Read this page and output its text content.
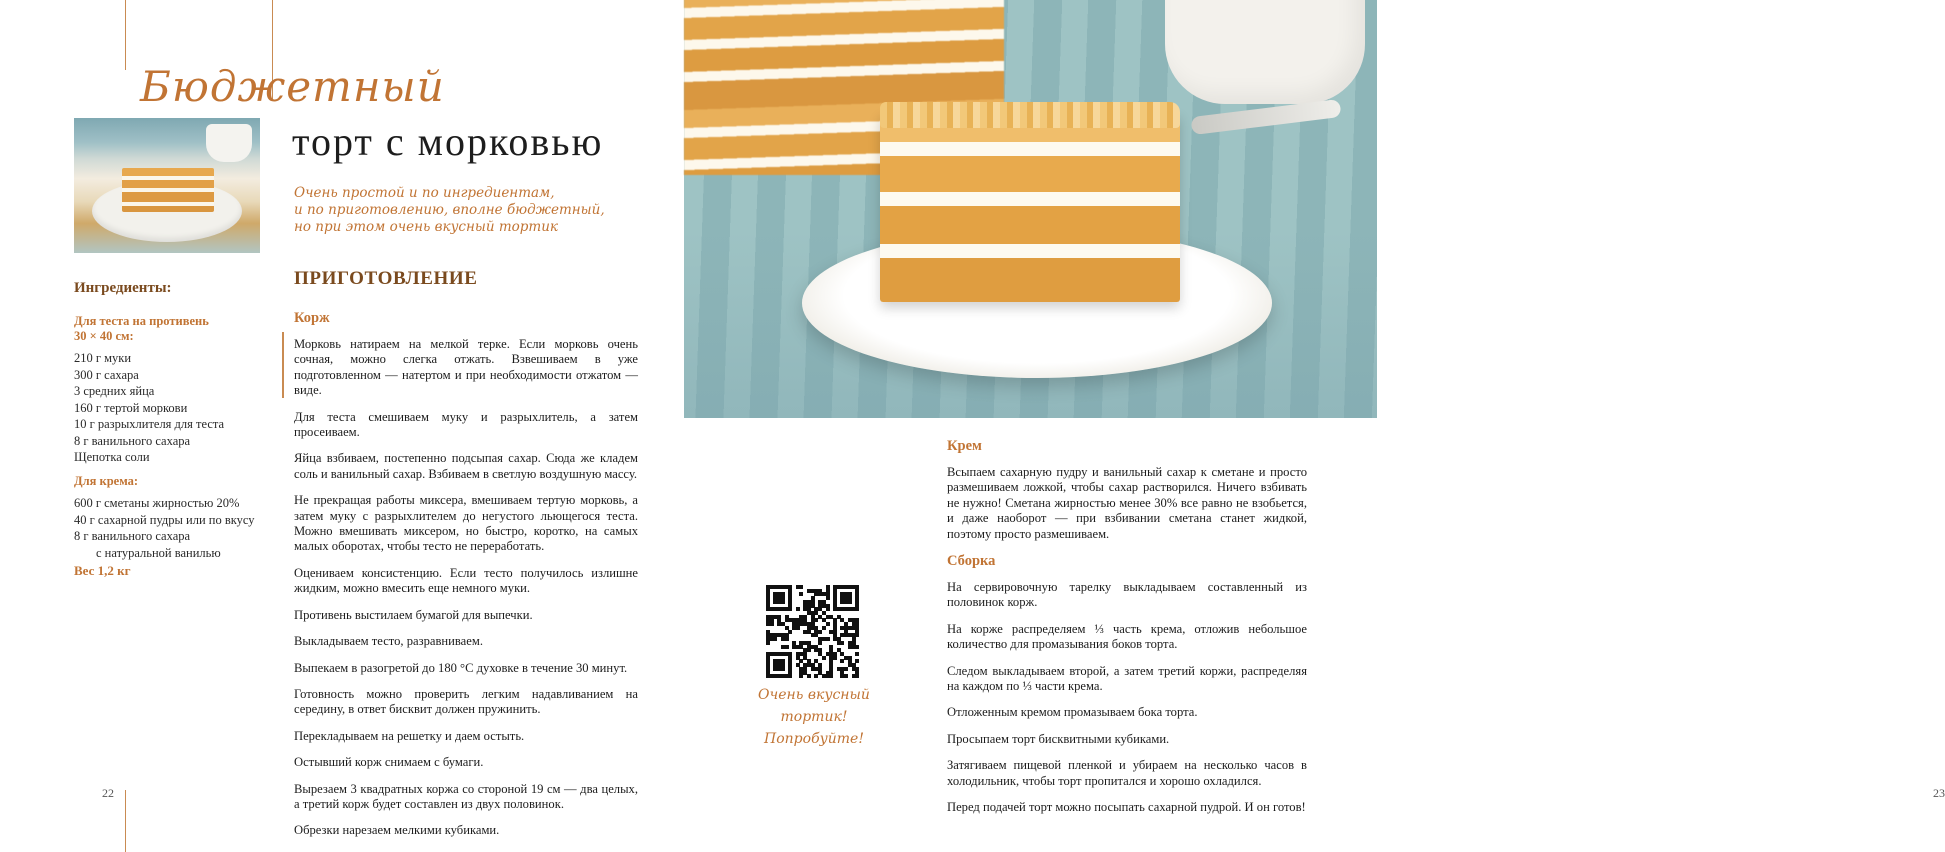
Бюджетный
торт с морковью
Очень простой и по ингредиентам,
и по приготовлению, вполне бюджетный,
но при этом очень вкусный тортик
Ингредиенты:
Для теста на противень
30 × 40 см:
210 г муки
300 г сахара
3 средних яйца
160 г тертой моркови
10 г разрыхлителя для теста
8 г ванильного сахара
Щепотка соли
Для крема:
600 г сметаны жирностью 20%
40 г сахарной пудры или по вкусу
8 г ванильного сахара
с натуральной ванилью
Вес 1,2 кг
ПРИГОТОВЛЕНИЕ
Корж

Морковь натираем на мелкой терке. Если морковь очень сочная, можно слегка отжать. Взвешиваем в уже подготовленном — натертом и при необходимости отжатом — виде.

Для теста смешиваем муку и разрыхлитель, а затем просеиваем.

Яйца взбиваем, постепенно подсыпая сахар. Сюда же кладем соль и ванильный сахар. Взбиваем в светлую воздушную массу.

Не прекращая работы миксера, вмешиваем тертую морковь, а затем муку с разрыхлителем до негустого льющегося теста. Можно вмешивать миксером, но быстро, коротко, на самых малых оборотах, чтобы тесто не переработать.

Оцениваем консистенцию. Если тесто получилось излишне жидким, можно вмесить еще немного муки.

Противень выстилаем бумагой для выпечки.

Выкладываем тесто, разравниваем.

Выпекаем в разогретой до 180 °С духовке в течение 30 минут.

Готовность можно проверить легким надавливанием на середину, в ответ бисквит должен пружинить.

Перекладываем на решетку и даем остыть.

Остывший корж снимаем с бумаги.

Вырезаем 3 квадратных коржа со стороной 19 см — два целых, а третий корж будет составлен из двух половинок.

Обрезки нарезаем мелкими кубиками.

22
Крем

Всыпаем сахарную пудру и ванильный сахар к сметане и просто размешиваем ложкой, чтобы сахар растворился. Ничего взбивать не нужно! Сметана жирностью менее 30% все равно не взобьется, и даже наоборот — при взбивании сметана станет жидкой, поэтому просто размешиваем.

Сборка

На сервировочную тарелку выкладываем составленный из половинок корж.

На корже распределяем ⅓ часть крема, отложив небольшое количество для промазывания боков торта.

Следом выкладываем второй, а затем третий коржи, распределяя на каждом по ⅓ части крема.

Отложенным кремом промазываем бока торта.

Просыпаем торт бисквитными кубиками.

Затягиваем пищевой пленкой и убираем на несколько часов в холодильник, чтобы торт пропитался и хорошо охладился.

Перед подачей торт можно посыпать сахарной пудрой. И он готов!

Очень вкусный
тортик!
Попробуйте!
23
